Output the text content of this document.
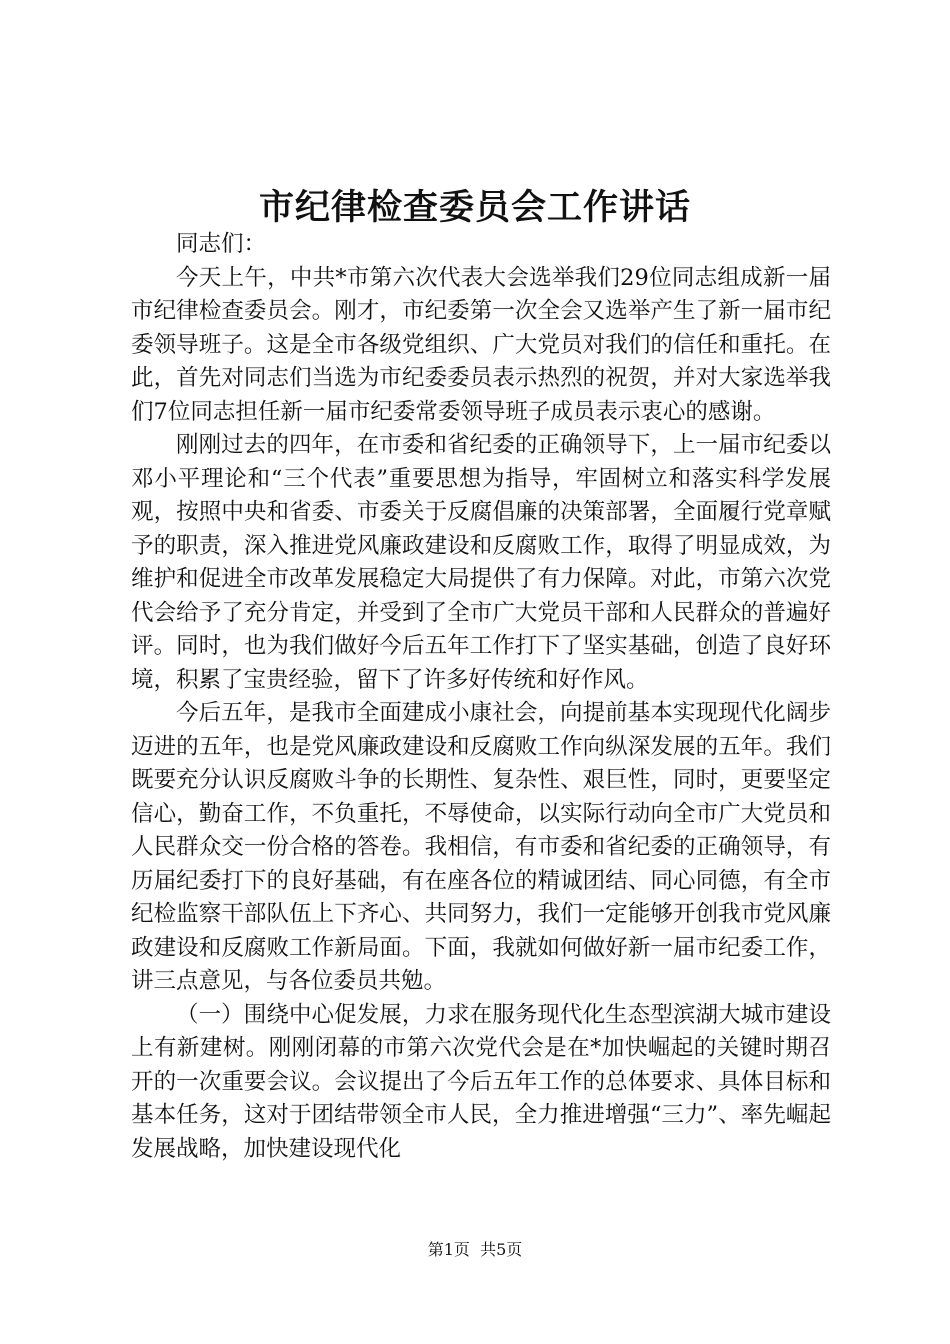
市纪律检查委员会工作讲话

同志们：

今天上午，中共*市第六次代表大会选举我们29位同志组成新一届市纪律检查委员会。刚才，市纪委第一次全会又选举产生了新一届市纪委领导班子。这是全市各级党组织、广大党员对我们的信任和重托。在此，首先对同志们当选为市纪委委员表示热烈的祝贺，并对大家选举我们7位同志担任新一届市纪委常委领导班子成员表示衷心的感谢。

刚刚过去的四年，在市委和省纪委的正确领导下，上一届市纪委以邓小平理论和“三个代表”重要思想为指导，牢固树立和落实科学发展观，按照中央和省委、市委关于反腐倡廉的决策部署，全面履行党章赋予的职责，深入推进党风廉政建设和反腐败工作，取得了明显成效，为维护和促进全市改革发展稳定大局提供了有力保障。对此，市第六次党代会给予了充分肯定，并受到了全市广大党员干部和人民群众的普遍好评。同时，也为我们做好今后五年工作打下了坚实基础，创造了良好环境，积累了宝贵经验，留下了许多好传统和好作风。

今后五年，是我市全面建成小康社会，向提前基本实现现代化阔步迈进的五年，也是党风廉政建设和反腐败工作向纵深发展的五年。我们既要充分认识反腐败斗争的长期性、复杂性、艰巨性，同时，更要坚定信心，勤奋工作，不负重托，不辱使命，以实际行动向全市广大党员和人民群众交一份合格的答卷。我相信，有市委和省纪委的正确领导，有历届纪委打下的良好基础，有在座各位的精诚团结、同心同德，有全市纪检监察干部队伍上下齐心、共同努力，我们一定能够开创我市党风廉政建设和反腐败工作新局面。下面，我就如何做好新一届市纪委工作，讲三点意见，与各位委员共勉。

（一）围绕中心促发展，力求在服务现代化生态型滨湖大城市建设上有新建树。刚刚闭幕的市第六次党代会是在*加快崛起的关键时期召开的一次重要会议。会议提出了今后五年工作的总体要求、具体目标和基本任务，这对于团结带领全市人民，全力推进增强“三力”、率先崛起发展战略，加快建设现代化

第1页  共5页
